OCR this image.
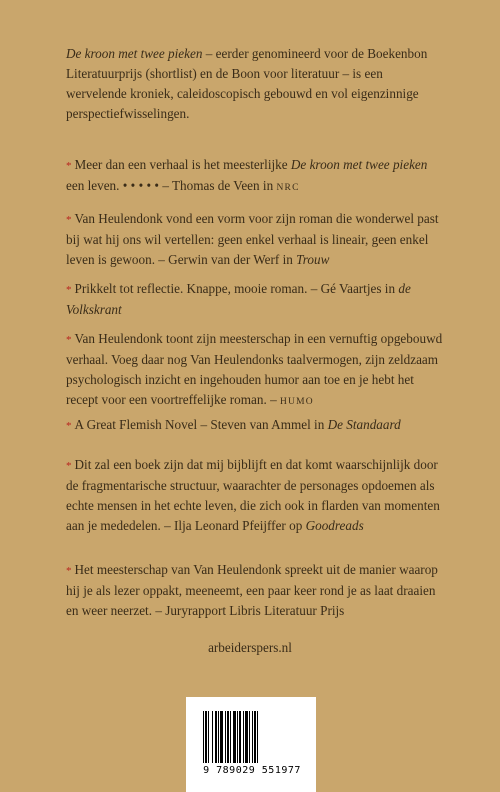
De kroon met twee pieken – eerder genomineerd voor de Boekenbon Literatuurprijs (shortlist) en de Boon voor literatuur – is een wervelende kroniek, caleidoscopisch gebouwd en vol eigenzinnige perspectiefwisselingen.
* Meer dan een verhaal is het meesterlijke De kroon met twee pieken een leven. • • • • • – Thomas de Veen in NRC
* Van Heulendonk vond een vorm voor zijn roman die wonderwel past bij wat hij ons wil vertellen: geen enkel verhaal is lineair, geen enkel leven is gewoon. – Gerwin van der Werf in Trouw
* Prikkelt tot reflectie. Knappe, mooie roman. – Gé Vaartjes in de Volkskrant
* Van Heulendonk toont zijn meesterschap in een vernuftig opgebouwd verhaal. Voeg daar nog Van Heulendonks taalvermogen, zijn zeldzaam psychologisch inzicht en ingehouden humor aan toe en je hebt het recept voor een voortreffelijke roman. – HUMO
* A Great Flemish Novel – Steven van Ammel in De Standaard
* Dit zal een boek zijn dat mij bijblijft en dat komt waarschijnlijk door de fragmentarische structuur, waarachter de personages opdoemen als echte mensen in het echte leven, die zich ook in flarden van momenten aan je mededelen. – Ilja Leonard Pfeijffer op Goodreads
* Het meesterschap van Van Heulendonk spreekt uit de manier waarop hij je als lezer oppakt, meeneemt, een paar keer rond je as laat draaien en weer neerzet. – Juryrapport Libris Literatuur Prijs
arbeiderspers.nl
9 789029 551977
